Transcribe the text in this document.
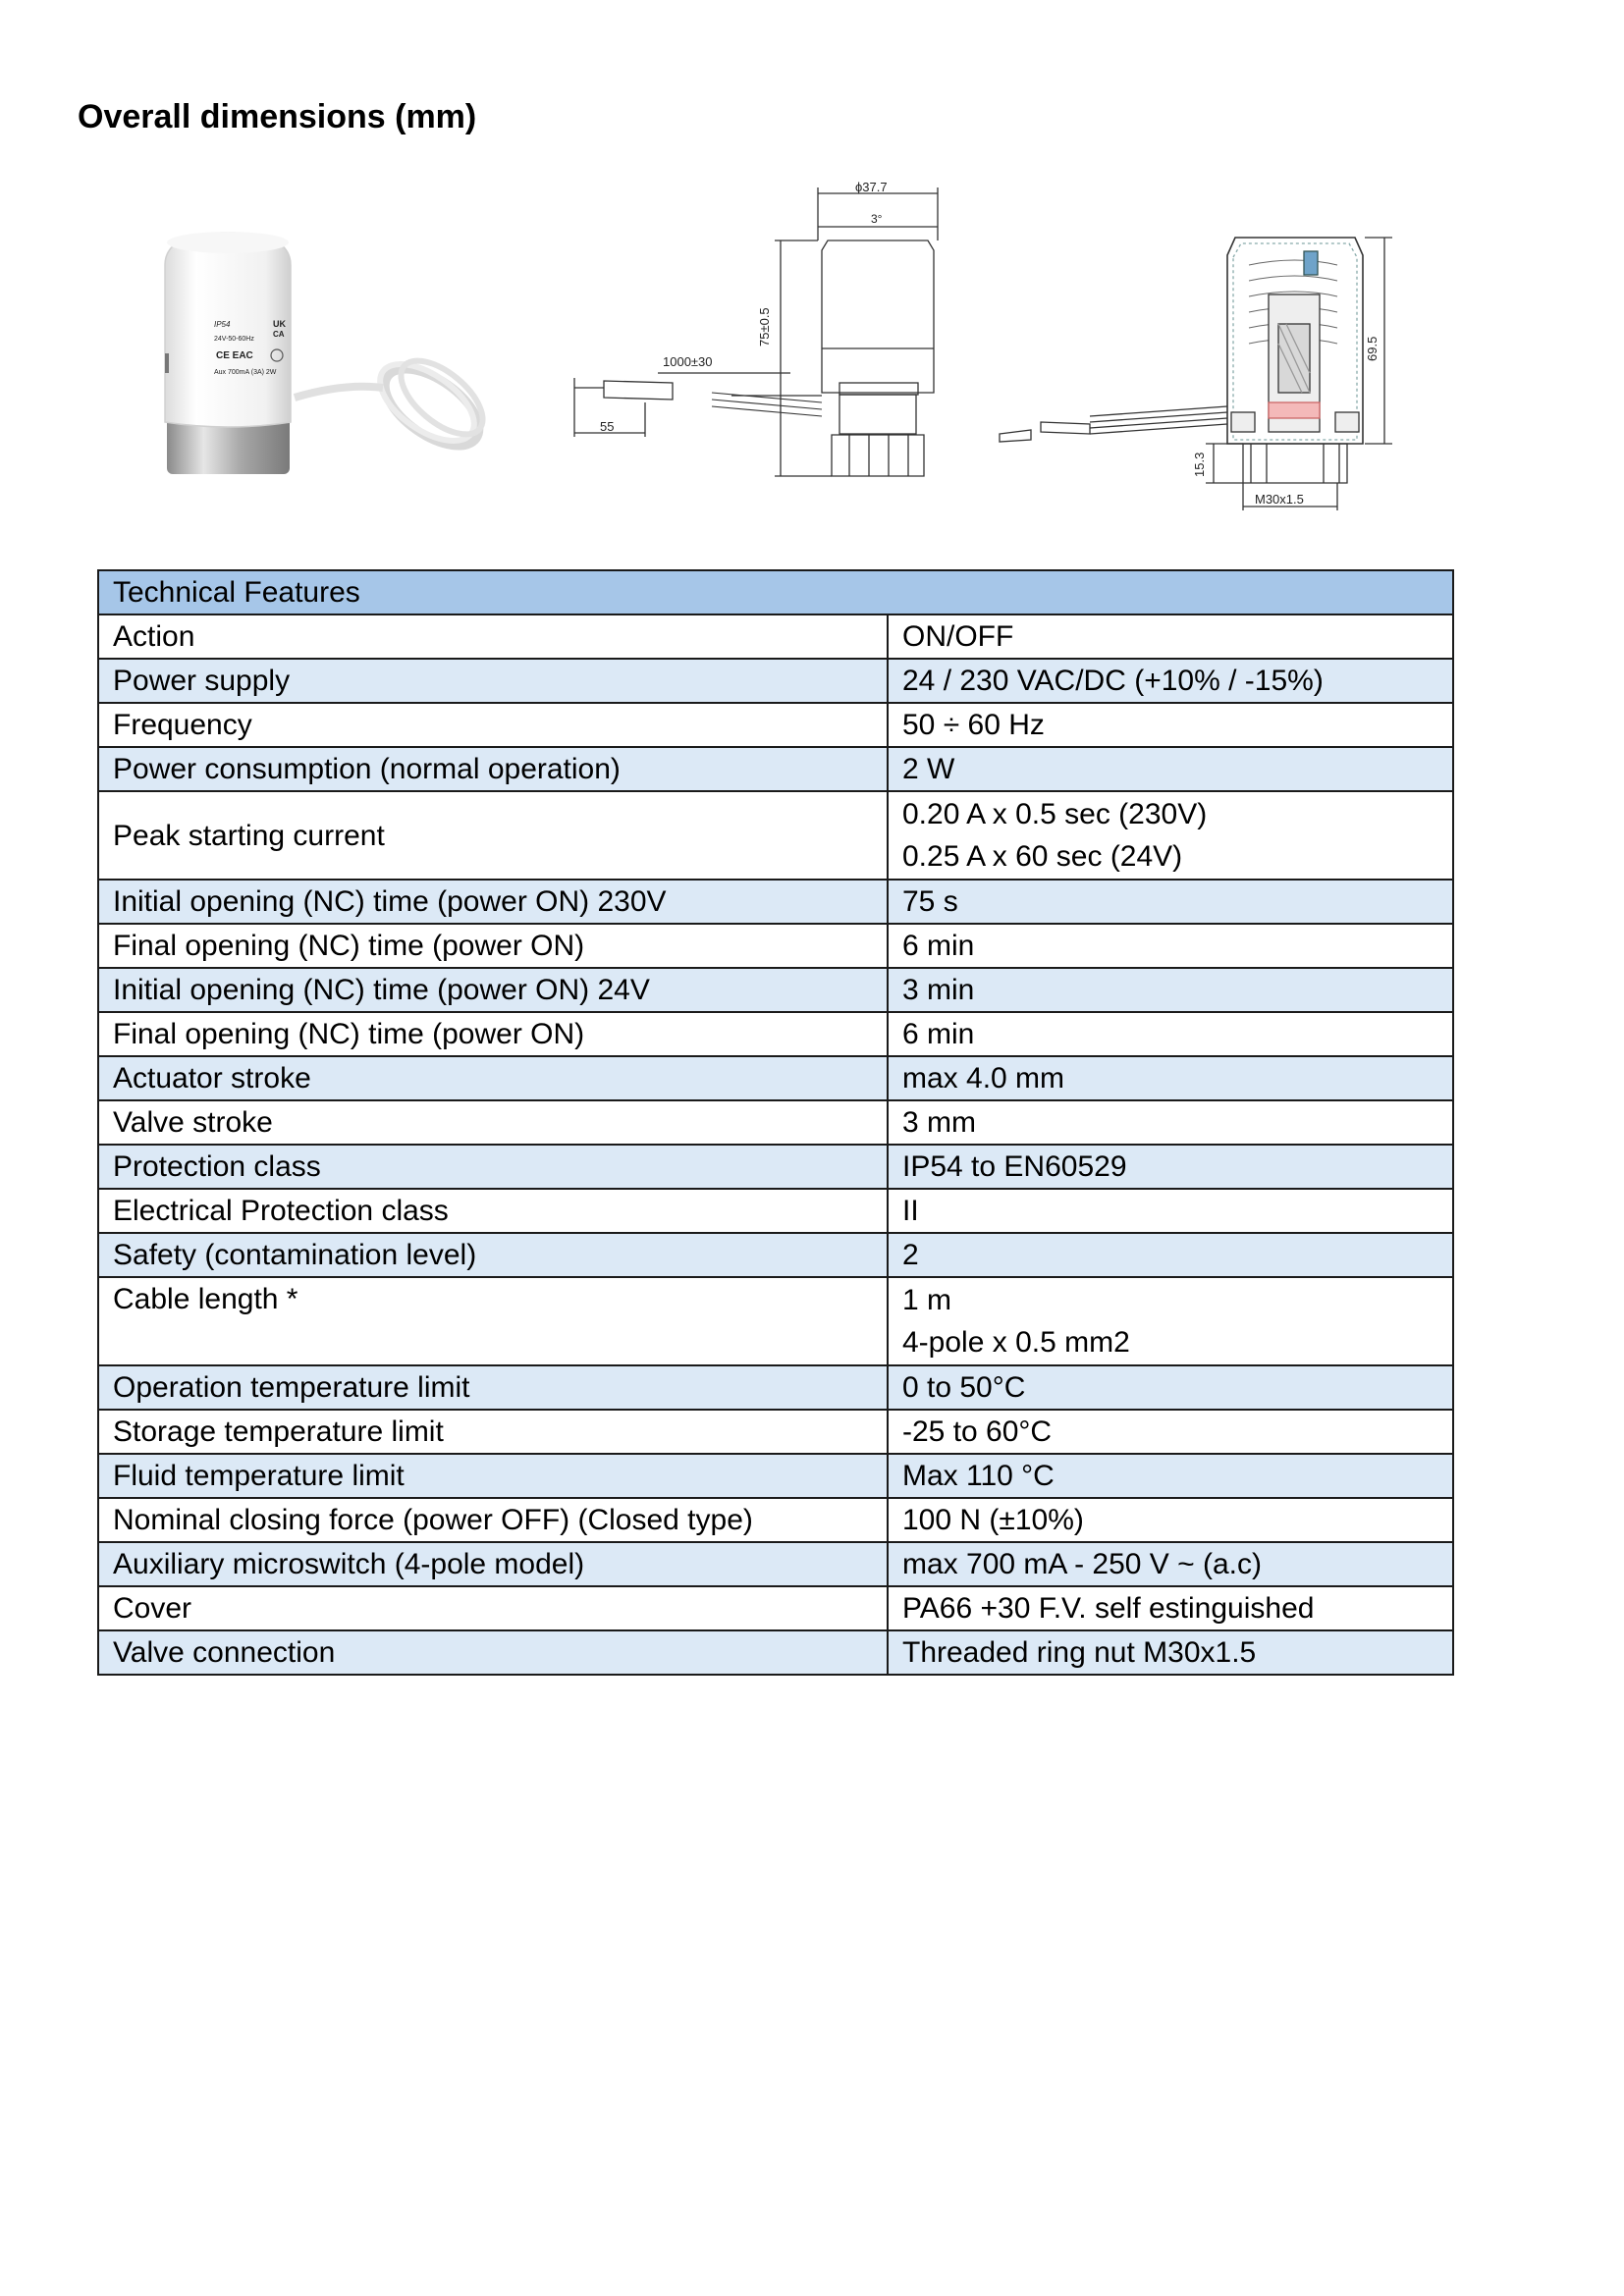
Overall dimensions (mm)
IP54
24V-50-60Hz
UK
CA
CE EAC
Aux 700mA (3A) 2W
ϕ37.7
3°
75±0.5
1000±30
55
69.5
15.3
M30x1.5
Technical Features	
Action	ON/OFF
Power supply	24 / 230 VAC/DC (+10% / -15%)
Frequency	50 ÷ 60 Hz
Power consumption (normal operation)	2 W
Peak starting current	0.20 A x 0.5 sec (230V)
0.25 A x 60 sec (24V)

Initial opening (NC) time (power ON) 230V	75 s
Final opening (NC) time (power ON)	6 min
Initial opening (NC) time (power ON) 24V	3 min
Final opening (NC) time (power ON)	6 min
Actuator stroke	max 4.0 mm
Valve stroke	3 mm
Protection class	IP54 to EN60529
Electrical Protection class	II
Safety (contamination level)	2
Cable length *	1 m
4-pole x 0.5 mm2

Operation temperature limit	0 to 50°C
Storage temperature limit	-25 to 60°C
Fluid temperature limit	Max 110 °C
Nominal closing force (power OFF) (Closed type)	100 N (±10%)
Auxiliary microswitch (4-pole model)	max 700 mA - 250 V ~ (a.c)
Cover	PA66 +30 F.V. self estinguished
Valve connection	Threaded ring nut M30x1.5
